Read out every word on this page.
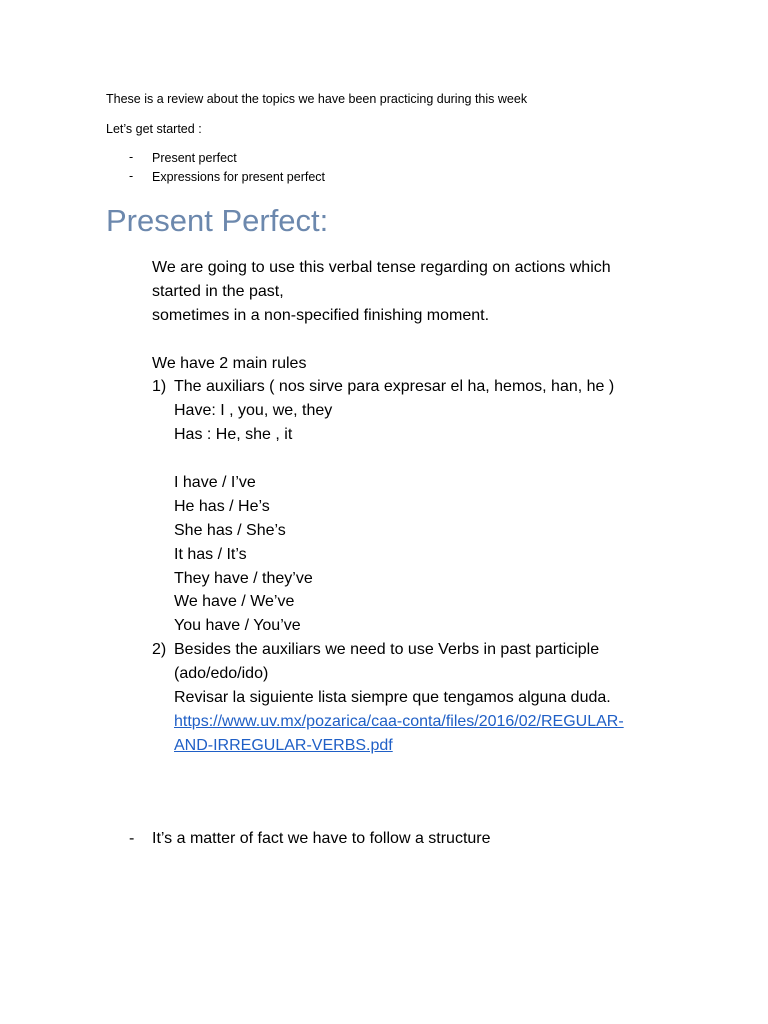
These is a review about the topics we have been practicing during this week
Let’s get started :
- Present perfect
- Expressions for present perfect
Present Perfect:
We are going to use this verbal tense regarding on actions which
started in the past,
sometimes in a non-specified finishing moment.
We have 2 main rules
1) The auxiliars ( nos sirve para expresar el ha, hemos, han, he )
Have: I , you, we, they
Has : He, she , it
I have / I’ve
He has / He’s
She has / She’s
It has / It’s
They have / they’ve
We have / We’ve
You have / You’ve
2) Besides the auxiliars we need to use Verbs in past participle
(ado/edo/ido)
Revisar la siguiente lista siempre que tengamos alguna duda.
https://www.uv.mx/pozarica/caa-conta/files/2016/02/REGULAR-
AND-IRREGULAR-VERBS.pdf
- It’s a matter of fact we have to follow a structure
